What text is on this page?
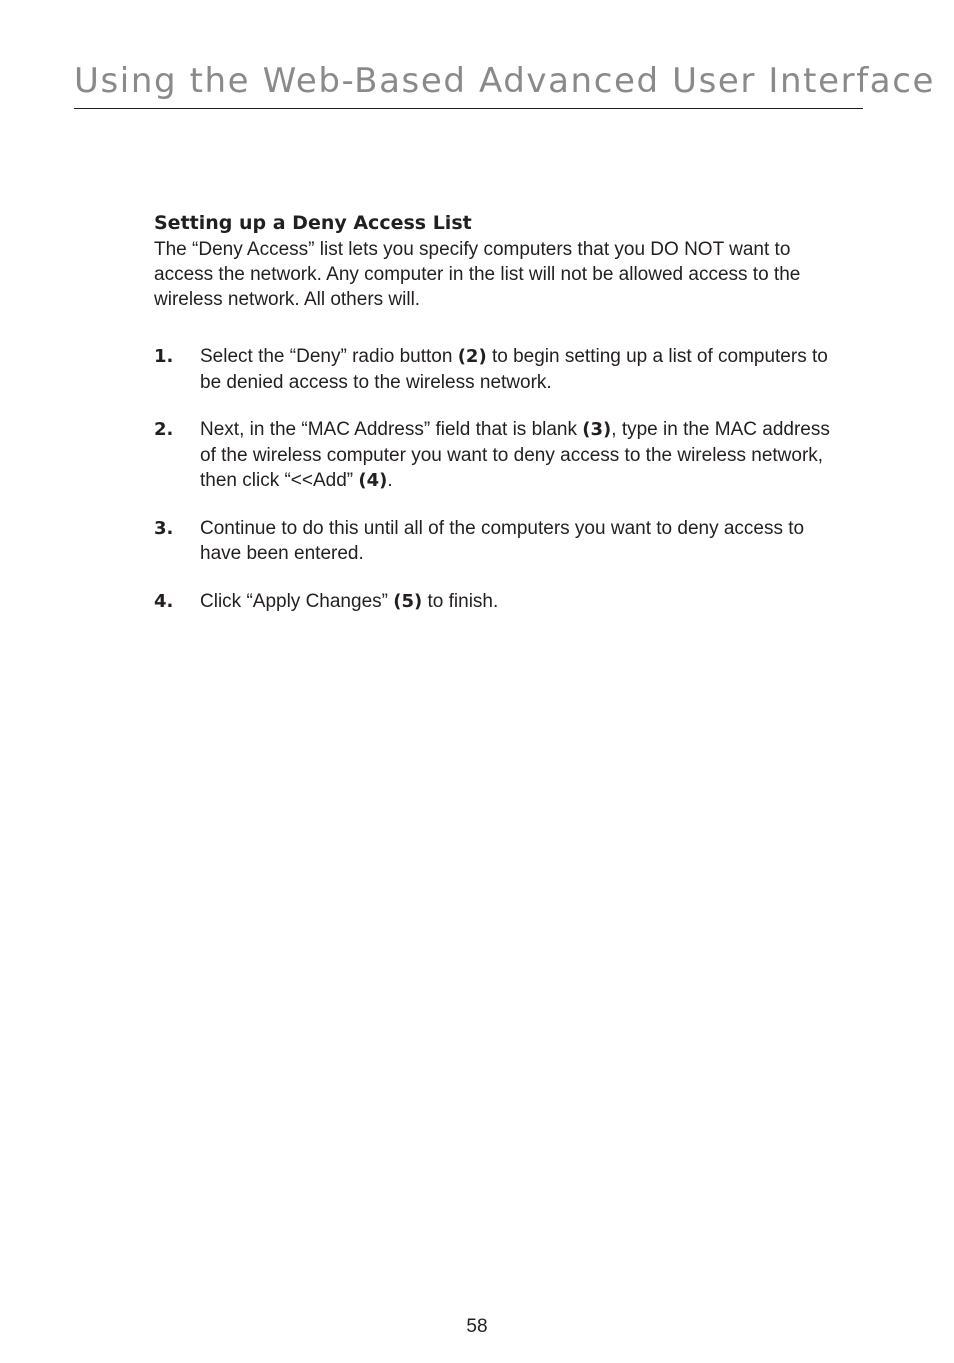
Using the Web-Based Advanced User Interface
Setting up a Deny Access List

The “Deny Access” list lets you specify computers that you DO NOT want to access the network. Any computer in the list will not be allowed access to the wireless network. All others will.

1. Select the “Deny” radio button (2) to begin setting up a list of computers to be denied access to the wireless network.
2. Next, in the “MAC Address” field that is blank (3), type in the MAC address of the wireless computer you want to deny access to the wireless network, then click “<<Add” (4).
3. Continue to do this until all of the computers you want to deny access to have been entered.
4. Click “Apply Changes” (5) to finish.
58
